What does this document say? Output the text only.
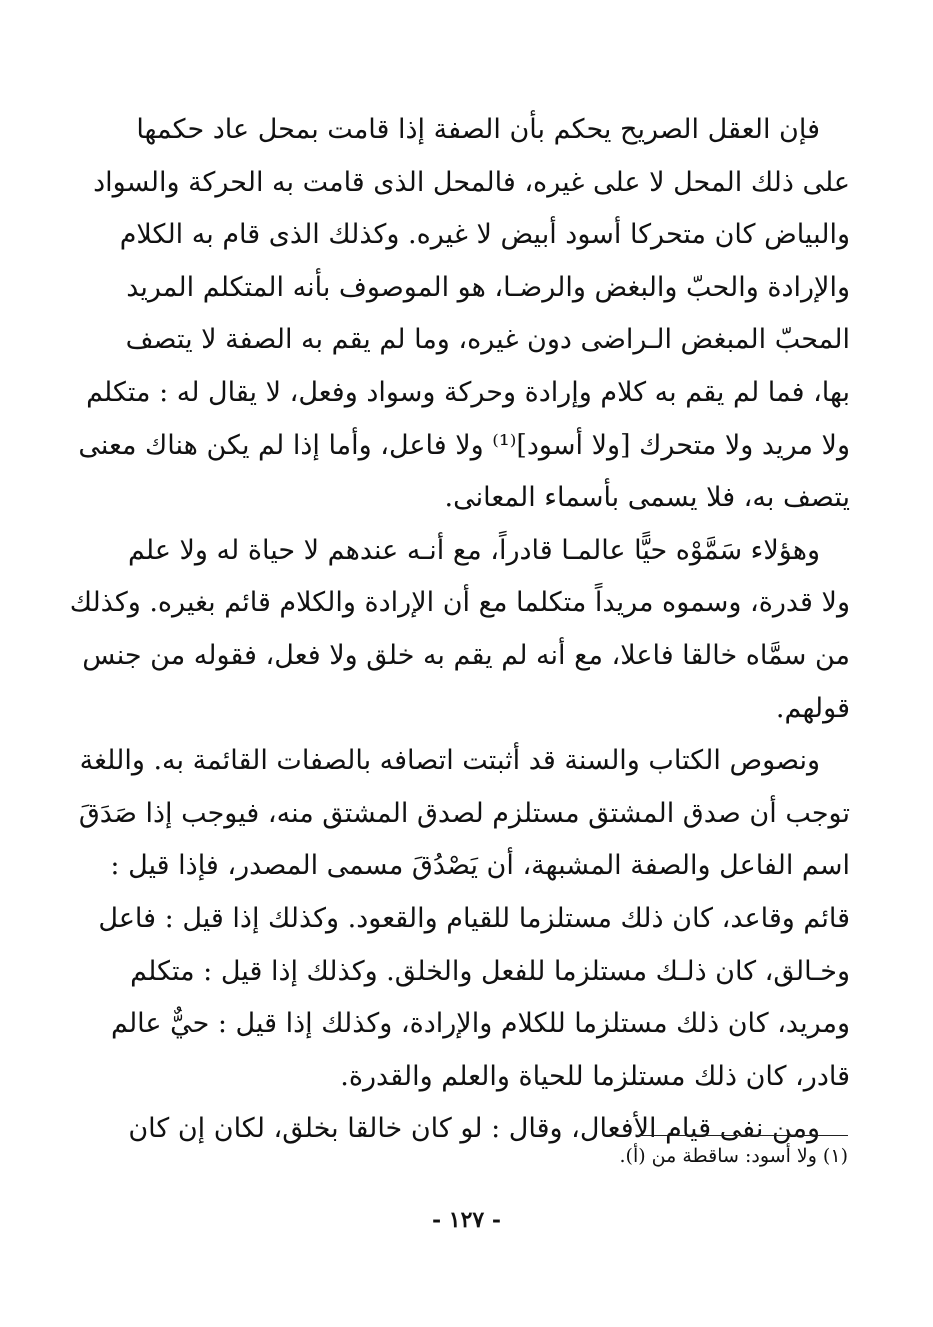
فإن العقل الصريح يحكم بأن الصفة إذا قامت بمحل عاد حكمها
على ذلك المحل لا على غيره، فالمحل الذى قامت به الحركة والسواد
والبياض كان متحركا أسود أبيض لا غيره. وكذلك الذى قام به الكلام
والإرادة والحبّ والبغض والرضـا، هو الموصوف بأنه المتكلم المريد
المحبّ المبغض الـراضى دون غيره، وما لم يقم به الصفة لا يتصف
بها، فما لم يقم به كلام وإرادة وحركة وسواد وفعل، لا يقال له : متكلم
ولا مريد ولا متحرك [ولا أسود]⁽¹⁾ ولا فاعل، وأما إذا لم يكن هناك معنى
يتصف به، فلا يسمى بأسماء المعانى.
وهؤلاء سَمَّوْه حيًّا عالمـا قادراً، مع أنـه عندهم لا حياة له ولا علم
ولا قدرة، وسموه مريداً متكلما مع أن الإرادة والكلام قائم بغيره. وكذلك
من سمَّاه خالقا فاعلا، مع أنه لم يقم به خلق ولا فعل، فقوله من جنس
قولهم.
ونصوص الكتاب والسنة قد أثبتت اتصافه بالصفات القائمة به. واللغة
توجب أن صدق المشتق مستلزم لصدق المشتق منه، فيوجب إذا صَدَقَ
اسم الفاعل والصفة المشبهة، أن يَصْدُقَ مسمى المصدر، فإذا قيل :
قائم وقاعد، كان ذلك مستلزما للقيام والقعود. وكذلك إذا قيل : فاعل
وخـالق، كان ذلـك مستلزما للفعل والخلق. وكذلك إذا قيل : متكلم
ومريد، كان ذلك مستلزما للكلام والإرادة، وكذلك إذا قيل : حيٌّ عالم
قادر، كان ذلك مستلزما للحياة والعلم والقدرة.
ومن نفى قيام الأفعال، وقال : لو كان خالقا بخلق، لكان إن كان
(١) ولا أسود: ساقطة من (أ).
- ١٢٧ -
